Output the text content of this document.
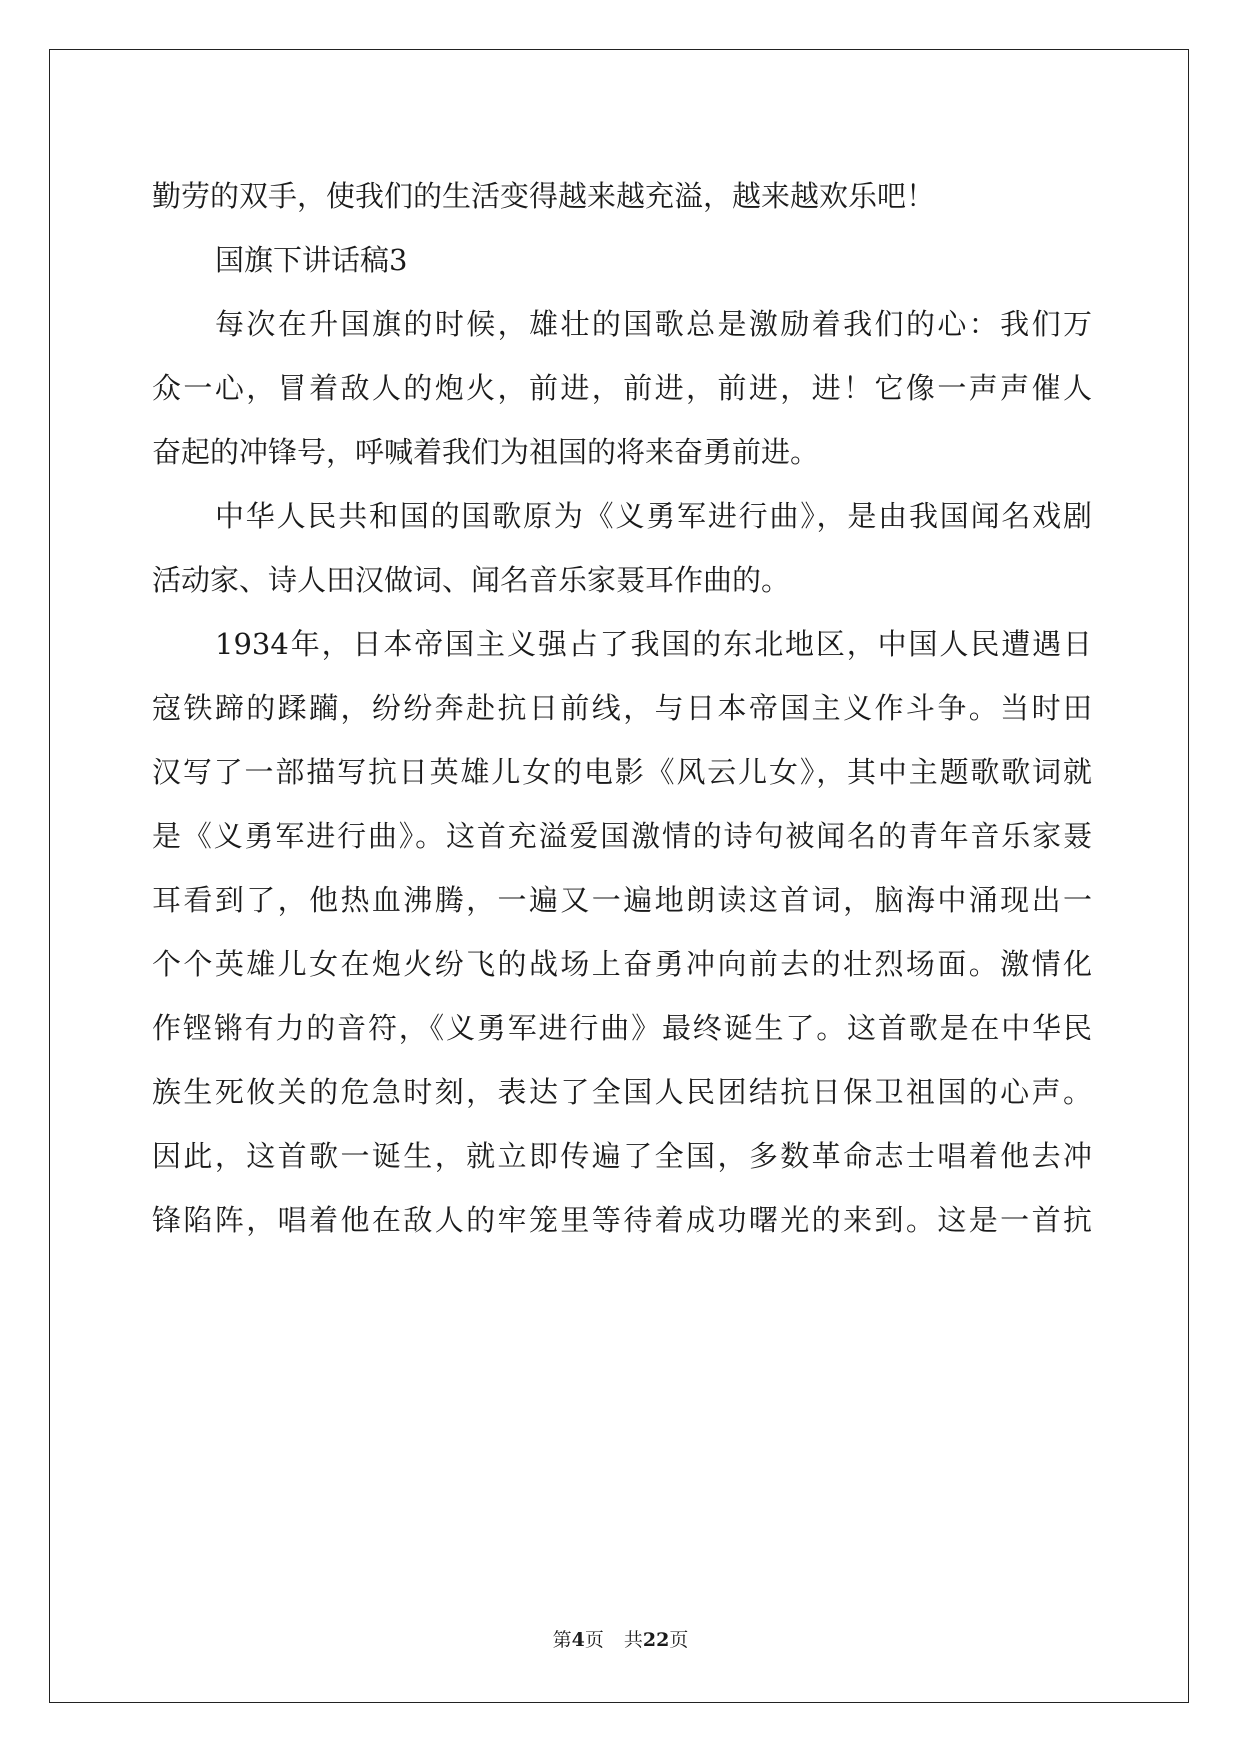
勤劳的双手，使我们的生活变得越来越充溢，越来越欢乐吧！
国旗下讲话稿3
每次在升国旗的时候，雄壮的国歌总是激励着我们的心：我们万
众一心，冒着敌人的炮火，前进，前进，前进，进！它像一声声催人
奋起的冲锋号，呼喊着我们为祖国的将来奋勇前进。
中华人民共和国的国歌原为《义勇军进行曲》，是由我国闻名戏剧
活动家、诗人田汉做词、闻名音乐家聂耳作曲的。
1934年，日本帝国主义强占了我国的东北地区，中国人民遭遇日
寇铁蹄的蹂躏，纷纷奔赴抗日前线，与日本帝国主义作斗争。当时田
汉写了一部描写抗日英雄儿女的电影《风云儿女》，其中主题歌歌词就
是《义勇军进行曲》。这首充溢爱国激情的诗句被闻名的青年音乐家聂
耳看到了，他热血沸腾，一遍又一遍地朗读这首词，脑海中涌现出一
个个英雄儿女在炮火纷飞的战场上奋勇冲向前去的壮烈场面。激情化
作铿锵有力的音符，《义勇军进行曲》最终诞生了。这首歌是在中华民
族生死攸关的危急时刻，表达了全国人民团结抗日保卫祖国的心声。
因此，这首歌一诞生，就立即传遍了全国，多数革命志士唱着他去冲
锋陷阵，唱着他在敌人的牢笼里等待着成功曙光的来到。这是一首抗
第4页 共22页
